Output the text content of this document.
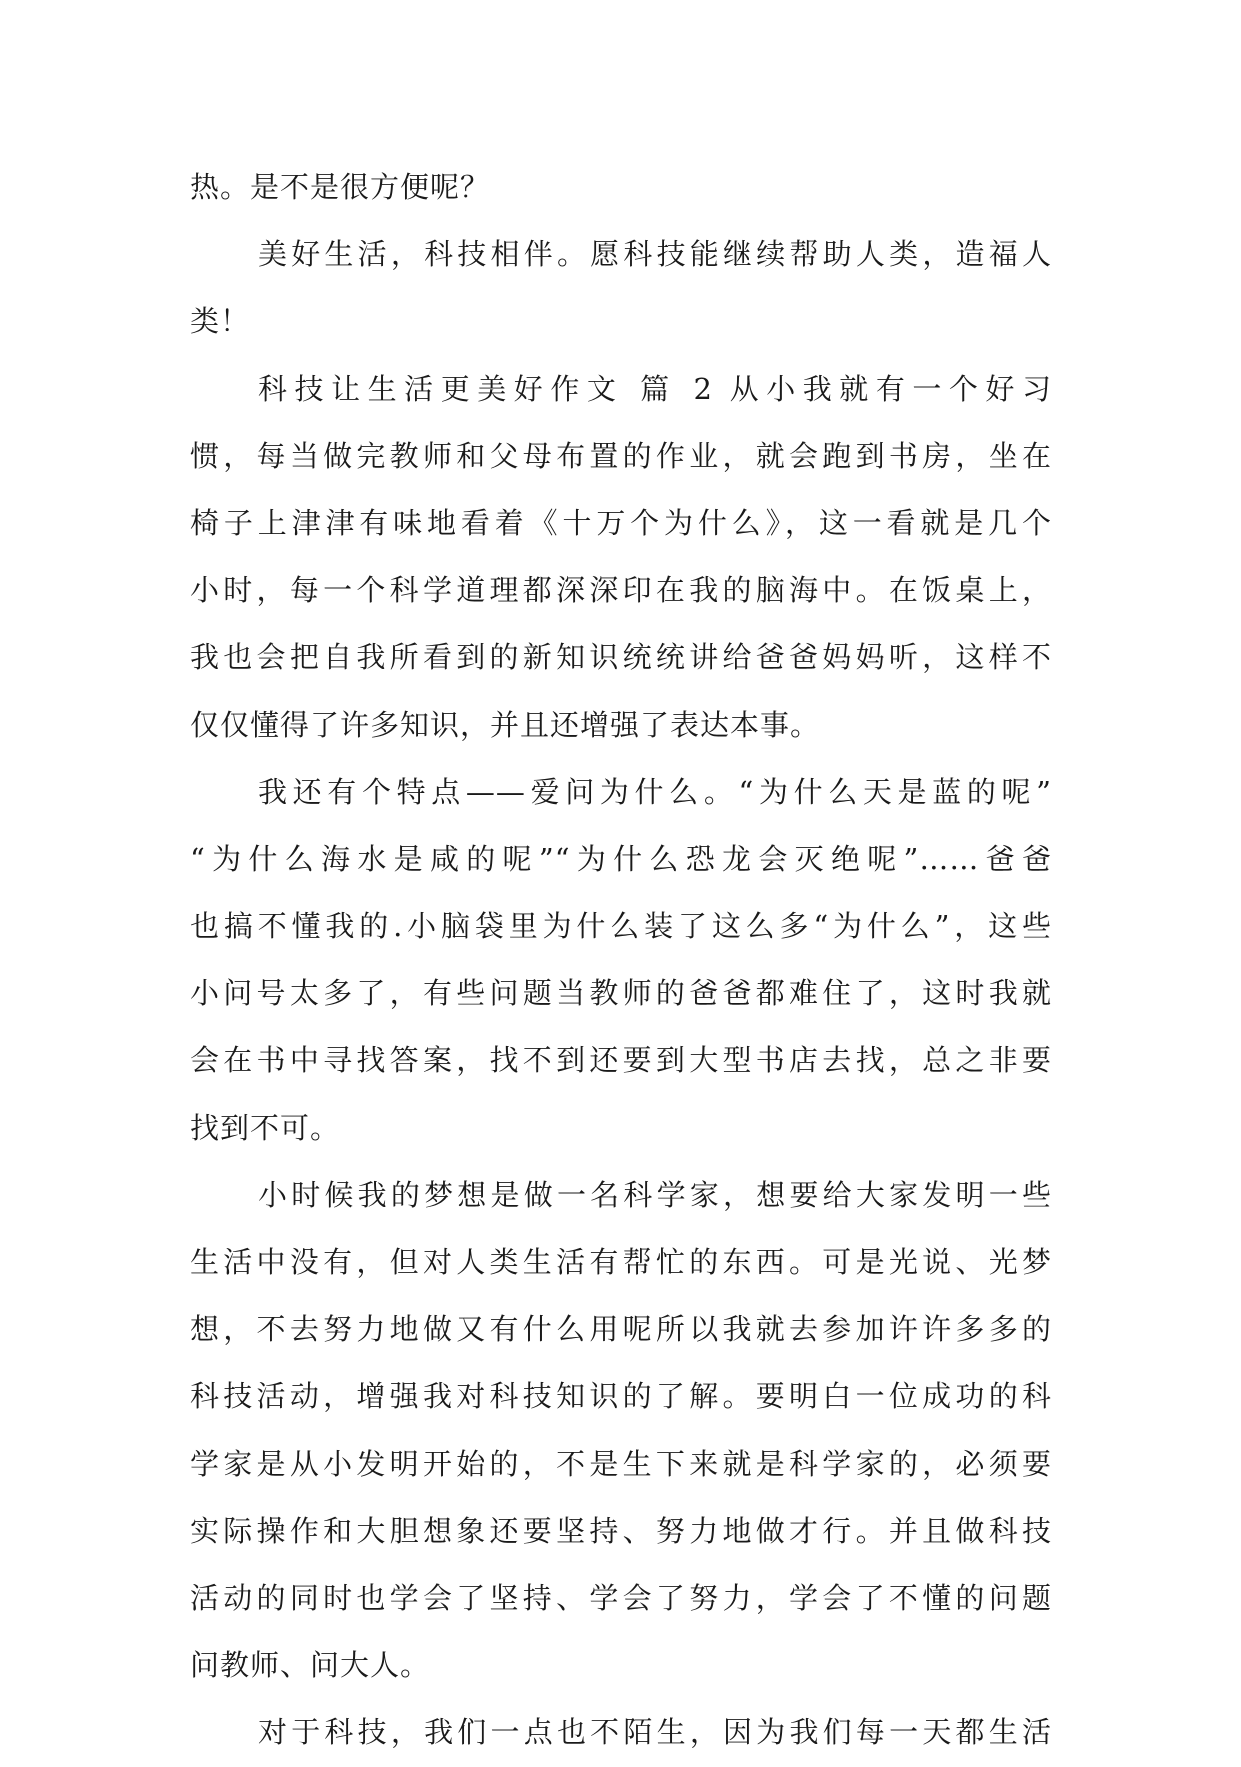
热。是不是很方便呢？
美好生活，科技相伴。愿科技能继续帮助人类，造福人
类！
科技让生活更美好作文 篇 2 从小我就有一个好习
惯，每当做完教师和父母布置的作业，就会跑到书房，坐在
椅子上津津有味地看着《十万个为什么》，这一看就是几个
小时，每一个科学道理都深深印在我的脑海中。在饭桌上，
我也会把自我所看到的新知识统统讲给爸爸妈妈听，这样不
仅仅懂得了许多知识，并且还增强了表达本事。
我还有个特点——爱问为什么。“为什么天是蓝的呢”
“为什么海水是咸的呢”“为什么恐龙会灭绝呢”……爸爸
也搞不懂我的.小脑袋里为什么装了这么多“为什么”，这些
小问号太多了，有些问题当教师的爸爸都难住了，这时我就
会在书中寻找答案，找不到还要到大型书店去找，总之非要
找到不可。
小时候我的梦想是做一名科学家，想要给大家发明一些
生活中没有，但对人类生活有帮忙的东西。可是光说、光梦
想，不去努力地做又有什么用呢所以我就去参加许许多多的
科技活动，增强我对科技知识的了解。要明白一位成功的科
学家是从小发明开始的，不是生下来就是科学家的，必须要
实际操作和大胆想象还要坚持、努力地做才行。并且做科技
活动的同时也学会了坚持、学会了努力，学会了不懂的问题
问教师、问大人。
对于科技，我们一点也不陌生，因为我们每一天都生活
